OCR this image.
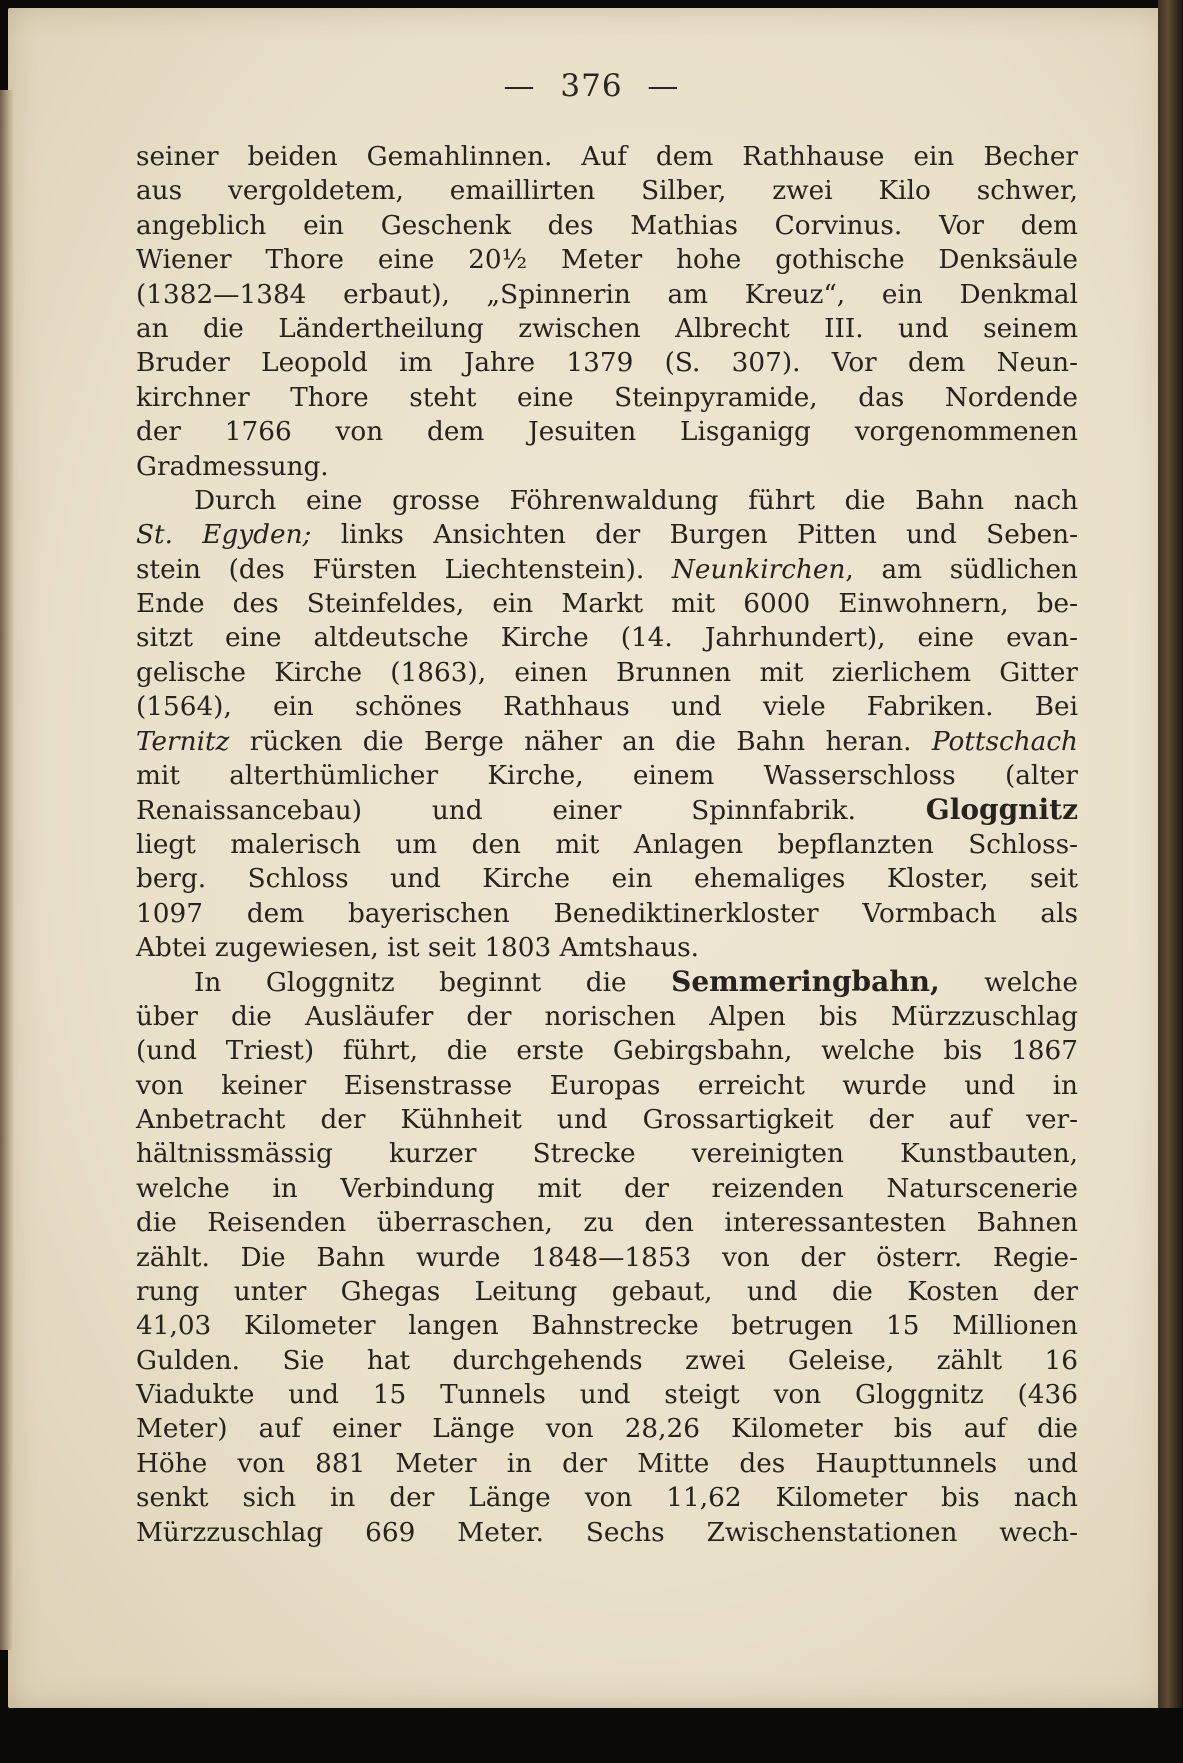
— 376 —
seiner beiden Gemahlinnen. Auf dem Rathhause ein Becher
aus vergoldetem, emaillirten Silber, zwei Kilo schwer,
angeblich ein Geschenk des Mathias Corvinus. Vor dem
Wiener Thore eine 20½ Meter hohe gothische Denksäule
(1382—1384 erbaut), „Spinnerin am Kreuz“, ein Denkmal
an die Ländertheilung zwischen Albrecht III. und seinem
Bruder Leopold im Jahre 1379 (S. 307). Vor dem Neun-
kirchner Thore steht eine Steinpyramide, das Nordende
der 1766 von dem Jesuiten Lisganigg vorgenommenen
Gradmessung.
Durch eine grosse Föhrenwaldung führt die Bahn nach
St. Egyden; links Ansichten der Burgen Pitten und Seben-
stein (des Fürsten Liechtenstein). Neunkirchen, am südlichen
Ende des Steinfeldes, ein Markt mit 6000 Einwohnern, be-
sitzt eine altdeutsche Kirche (14. Jahrhundert), eine evan-
gelische Kirche (1863), einen Brunnen mit zierlichem Gitter
(1564), ein schönes Rathhaus und viele Fabriken. Bei
Ternitz rücken die Berge näher an die Bahn heran. Pottschach
mit alterthümlicher Kirche, einem Wasserschloss (alter
Renaissancebau) und einer Spinnfabrik. Gloggnitz
liegt malerisch um den mit Anlagen bepflanzten Schloss-
berg. Schloss und Kirche ein ehemaliges Kloster, seit
1097 dem bayerischen Benediktinerkloster Vormbach als
Abtei zugewiesen, ist seit 1803 Amtshaus.
In Gloggnitz beginnt die Semmeringbahn, welche
über die Ausläufer der norischen Alpen bis Mürzzuschlag
(und Triest) führt, die erste Gebirgsbahn, welche bis 1867
von keiner Eisenstrasse Europas erreicht wurde und in
Anbetracht der Kühnheit und Grossartigkeit der auf ver-
hältnissmässig kurzer Strecke vereinigten Kunstbauten,
welche in Verbindung mit der reizenden Naturscenerie
die Reisenden überraschen, zu den interessantesten Bahnen
zählt. Die Bahn wurde 1848—1853 von der österr. Regie-
rung unter Ghegas Leitung gebaut, und die Kosten der
41,03 Kilometer langen Bahnstrecke betrugen 15 Millionen
Gulden. Sie hat durchgehends zwei Geleise, zählt 16
Viadukte und 15 Tunnels und steigt von Gloggnitz (436
Meter) auf einer Länge von 28,26 Kilometer bis auf die
Höhe von 881 Meter in der Mitte des Haupttunnels und
senkt sich in der Länge von 11,62 Kilometer bis nach
Mürzzuschlag 669 Meter. Sechs Zwischenstationen wech-
